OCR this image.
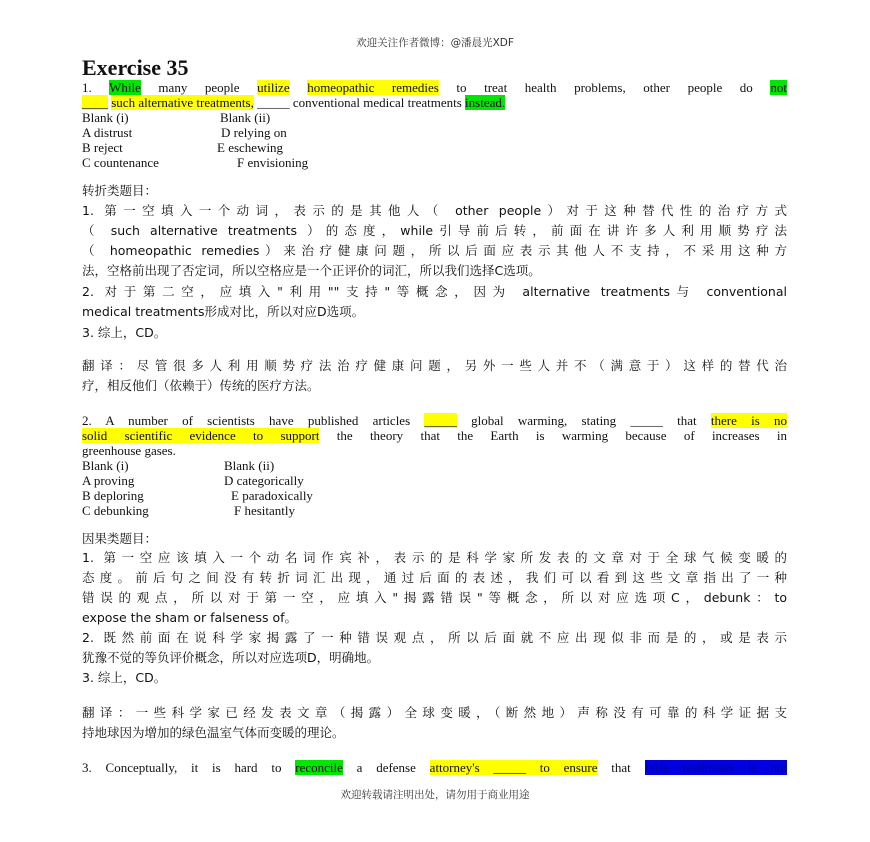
欢迎关注作者微博：@潘晨光XDF
Exercise 35
1. While many people utilize homeopathic remedies to treat health problems, other people do not
____ such alternative treatments, _____ conventional medical treatments instead.
Blank (i)
A distrust
B reject
C countenance
Blank (ii)
D relying on
E eschewing
F envisioning
转折类题目：
1. 第一空填入一个动词，表示的是其他人（ other people）对于这种替代性的治疗方式
（ such alternative treatments ）的态度，while引导前后转，前面在讲许多人利用顺势疗法
（ homeopathic remedies）来治疗健康问题，所以后面应表示其他人不支持，不采用这种方
法，空格前出现了否定词，所以空格应是一个正评价的词汇，所以我们选择C选项。
2. 对于第二空，应填入"利用""支持"等概念，因为 alternative treatments与 conventional
medical treatments形成对比，所以对应D选项。
3. 综上，CD。
翻译：尽管很多人利用顺势疗法治疗健康问题，另外一些人并不（满意于）这样的替代治
疗，相反他们（依赖于）传统的医疗方法。
2. A number of scientists have published articles _____ global warming, stating _____ that there is no
solid scientific evidence to support the theory that the Earth is warming because of increases in
greenhouse gases.
Blank (i)
A proving
B deploring
C debunking
Blank (ii)
D categorically
E paradoxically
F hesitantly
因果类题目：
1. 第一空应该填入一个动名词作宾补，表示的是科学家所发表的文章对于全球气候变暖的
态度。前后句之间没有转折词汇出现，通过后面的表述，我们可以看到这些文章指出了一种
错误的观点，所以对于第一空，应填入"揭露错误"等概念，所以对应选项C，debunk：to
expose the sham or falseness of。
2. 既然前面在说科学家揭露了一种错误观点，所以后面就不应出现似非而是的，或是表示
犹豫不觉的等负评价概念，所以对应选项D，明确地。
3. 综上，CD。
翻译：一些科学家已经发表文章（揭露）全球变暖，（断然地）声称没有可靠的科学证据支
持地球因为增加的绿色温室气体而变暖的理论。
3. Conceptually, it is hard to reconcile a defense attorney's _____ to ensure that false testimony is not
欢迎转载请注明出处，请勿用于商业用途
